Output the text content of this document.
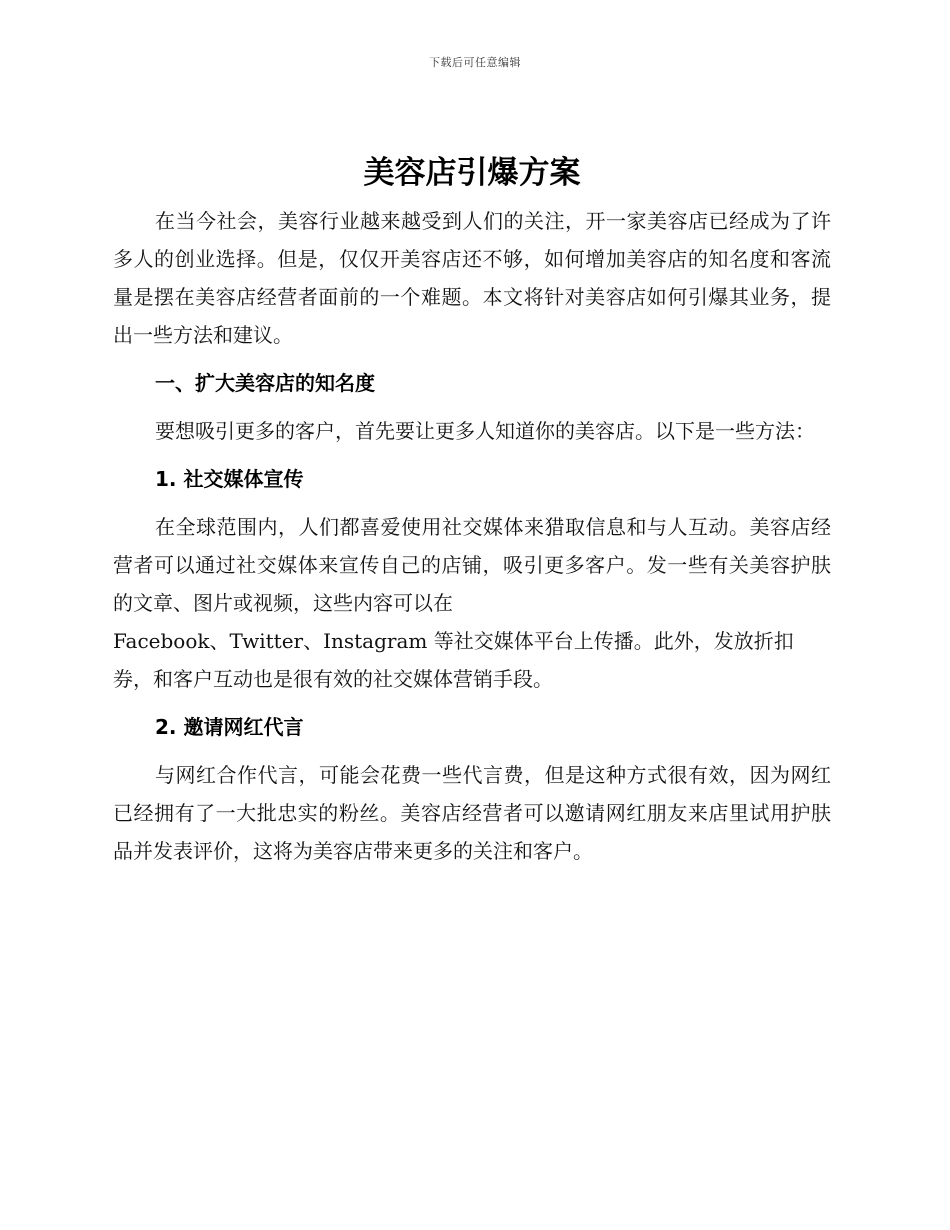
下载后可任意编辑
美容店引爆方案

在当今社会，美容行业越来越受到人们的关注，开一家美容店已经成为了许多人的创业选择。但是，仅仅开美容店还不够，如何增加美容店的知名度和客流量是摆在美容店经营者面前的一个难题。本文将针对美容店如何引爆其业务，提出一些方法和建议。

一、扩大美容店的知名度

要想吸引更多的客户，首先要让更多人知道你的美容店。以下是一些方法：

1. 社交媒体宣传

在全球范围内，人们都喜爱使用社交媒体来猎取信息和与人互动。美容店经营者可以通过社交媒体来宣传自己的店铺，吸引更多客户。发一些有关美容护肤的文章、图片或视频，这些内容可以在

Facebook、Twitter、Instagram 等社交媒体平台上传播。此外，发放折扣券，和客户互动也是很有效的社交媒体营销手段。

2. 邀请网红代言

与网红合作代言，可能会花费一些代言费，但是这种方式很有效，因为网红已经拥有了一大批忠实的粉丝。美容店经营者可以邀请网红朋友来店里试用护肤品并发表评价，这将为美容店带来更多的关注和客户。
